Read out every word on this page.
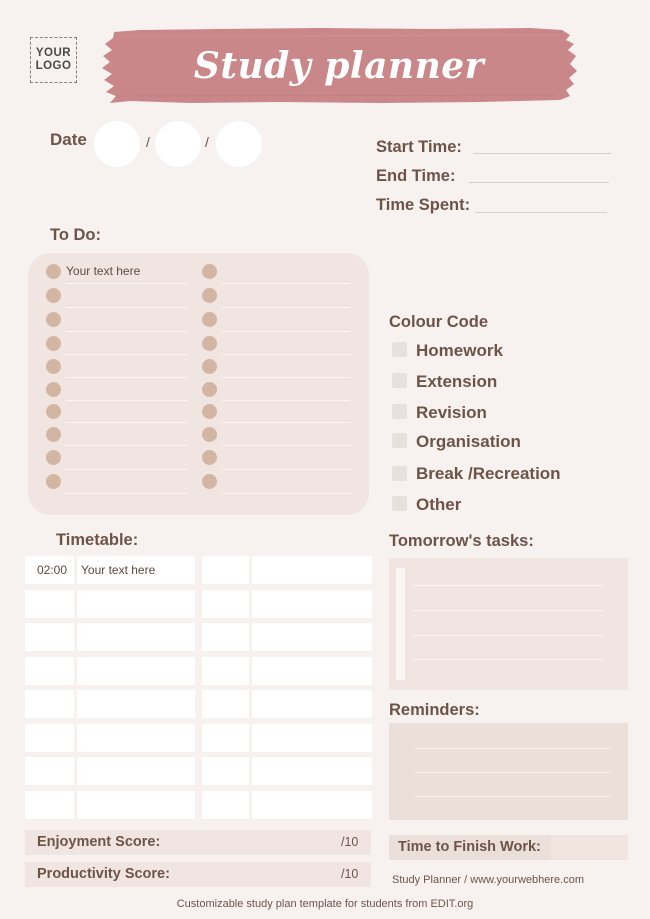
YOUR
LOGO	Study planner
Date	/	/	Start Time:
End Time:
Time Spent:
To Do:
Your text here
Colour Code
Homework
Extension
Revision
Organisation
Break /Recreation
Other
Timetable:
02:00 Your text here
Tomorrow's tasks:
Reminders:
Enjoyment Score:	/10
Productivity Score:	/10
Time to Finish Work:
Study Planner / www.yourwebhere.com
Customizable study plan template for students from EDIT.org
